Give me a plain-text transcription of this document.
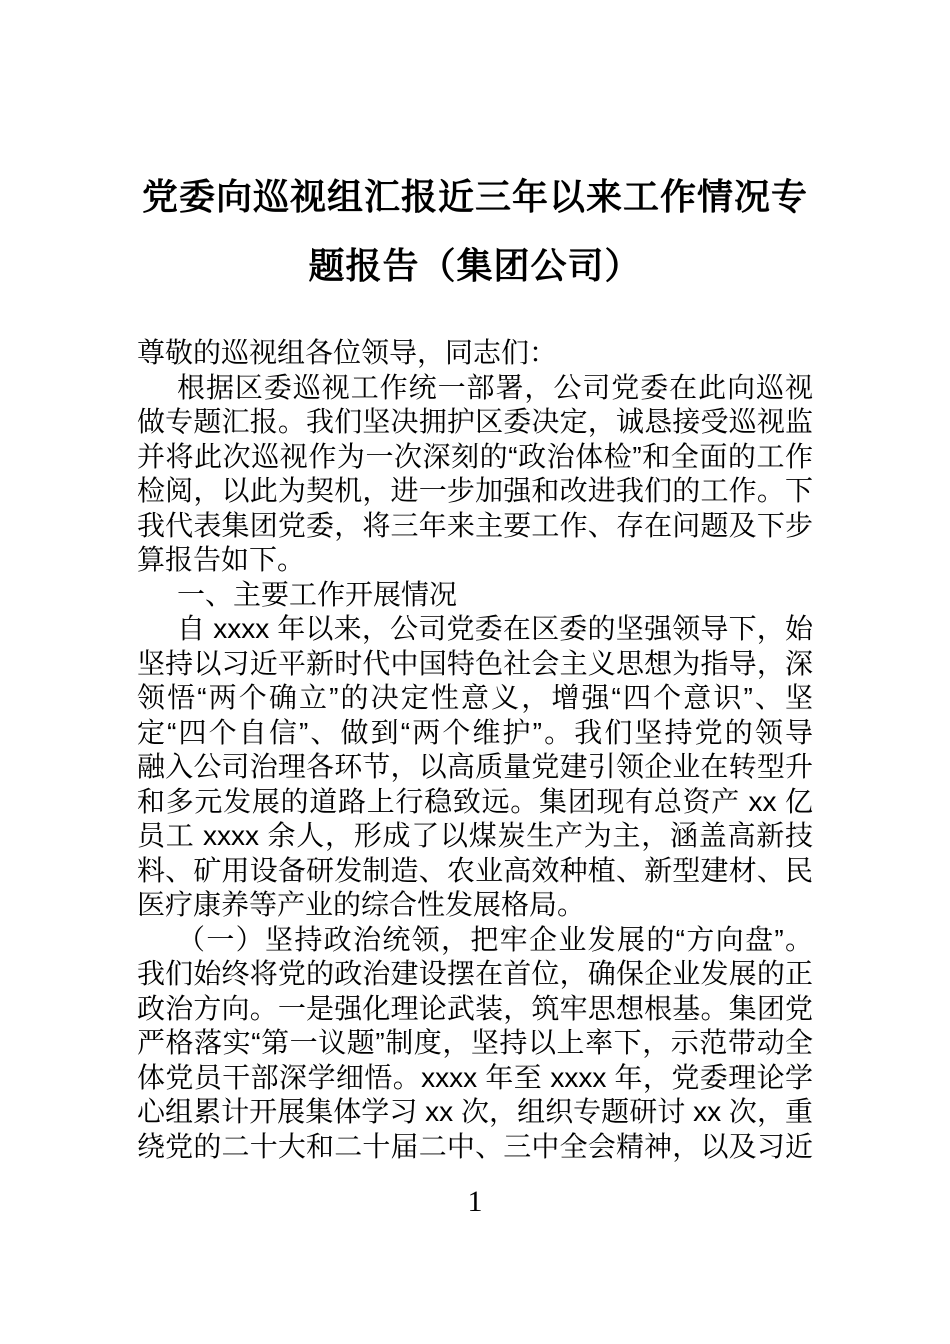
党委向巡视组汇报近三年以来工作情况专
题报告（集团公司）
尊敬的巡视组各位领导，同志们：
根据区委巡视工作统一部署，公司党委在此向巡视
做专题汇报。我们坚决拥护区委决定，诚恳接受巡视监
并将此次巡视作为一次深刻的“政治体检”和全面的工作
检阅，以此为契机，进一步加强和改进我们的工作。下
我代表集团党委，将三年来主要工作、存在问题及下步
算报告如下。
一、主要工作开展情况
自 xxxx 年以来，公司党委在区委的坚强领导下，始
坚持以习近平新时代中国特色社会主义思想为指导，深
领悟“两个确立”的决定性意义，增强“四个意识”、坚
定“四个自信”、做到“两个维护”。我们坚持党的领导
融入公司治理各环节，以高质量党建引领企业在转型升
和多元发展的道路上行稳致远。集团现有总资产 xx 亿
员工 xxxx 余人，形成了以煤炭生产为主，涵盖高新技
料、矿用设备研发制造、农业高效种植、新型建材、民
医疗康养等产业的综合性发展格局。
（一）坚持政治统领，把牢企业发展的“方向盘”。
我们始终将党的政治建设摆在首位，确保企业发展的正
政治方向。一是强化理论武装，筑牢思想根基。集团党
严格落实“第一议题”制度，坚持以上率下，示范带动全
体党员干部深学细悟。xxxx 年至 xxxx 年，党委理论学
心组累计开展集体学习 xx 次，组织专题研讨 xx 次，重
绕党的二十大和二十届二中、三中全会精神，以及习近
1
